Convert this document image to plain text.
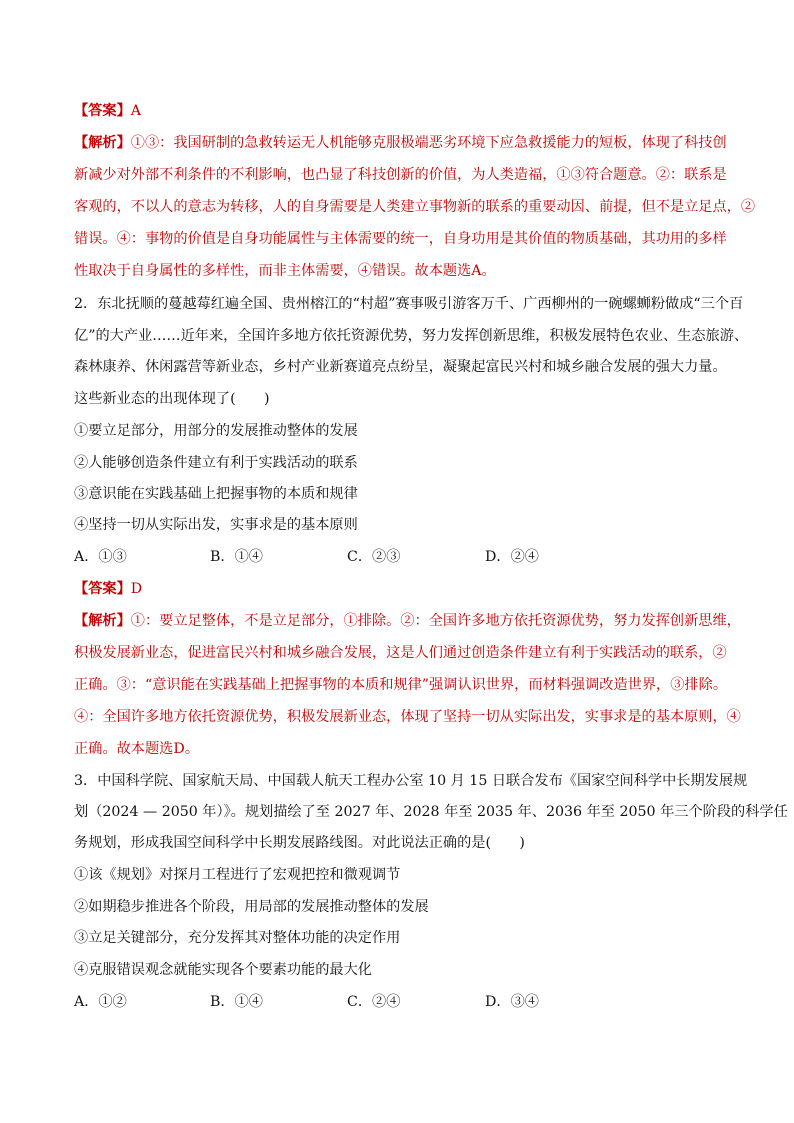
【答案】A
【解析】①③：我国研制的急救转运无人机能够克服极端恶劣环境下应急救援能力的短板，体现了科技创
新减少对外部不利条件的不利影响，也凸显了科技创新的价值，为人类造福，①③符合题意。②：联系是
客观的，不以人的意志为转移，人的自身需要是人类建立事物新的联系的重要动因、前提，但不是立足点，②
错误。④：事物的价值是自身功能属性与主体需要的统一，自身功用是其价值的物质基础，其功用的多样
性取决于自身属性的多样性，而非主体需要，④错误。故本题选A。
2．东北抚顺的蔓越莓红遍全国、贵州榕江的“村超”赛事吸引游客万千、广西柳州的一碗螺蛳粉做成“三个百
亿”的大产业……近年来，全国许多地方依托资源优势，努力发挥创新思维，积极发展特色农业、生态旅游、
森林康养、休闲露营等新业态，乡村产业新赛道亮点纷呈，凝聚起富民兴村和城乡融合发展的强大力量。
这些新业态的出现体现了(　　)
①要立足部分，用部分的发展推动整体的发展
②人能够创造条件建立有利于实践活动的联系
③意识能在实践基础上把握事物的本质和规律
④坚持一切从实际出发，实事求是的基本原则
A．①③	B．①④	C．②③	D．②④
【答案】D
【解析】①：要立足整体，不是立足部分，①排除。②：全国许多地方依托资源优势，努力发挥创新思维，
积极发展新业态，促进富民兴村和城乡融合发展，这是人们通过创造条件建立有利于实践活动的联系，②
正确。③：“意识能在实践基础上把握事物的本质和规律”强调认识世界，而材料强调改造世界，③排除。
④：全国许多地方依托资源优势，积极发展新业态，体现了坚持一切从实际出发，实事求是的基本原则，④
正确。故本题选D。
3．中国科学院、国家航天局、中国载人航天工程办公室 10 月 15 日联合发布《国家空间科学中长期发展规
划（2024 — 2050 年）》。规划描绘了至 2027 年、2028 年至 2035 年、2036 年至 2050 年三个阶段的科学任
务规划，形成我国空间科学中长期发展路线图。对此说法正确的是(　　)
①该《规划》对探月工程进行了宏观把控和微观调节
②如期稳步推进各个阶段，用局部的发展推动整体的发展
③立足关键部分，充分发挥其对整体功能的决定作用
④克服错误观念就能实现各个要素功能的最大化
A．①②	B．①④	C．②④	D．③④
